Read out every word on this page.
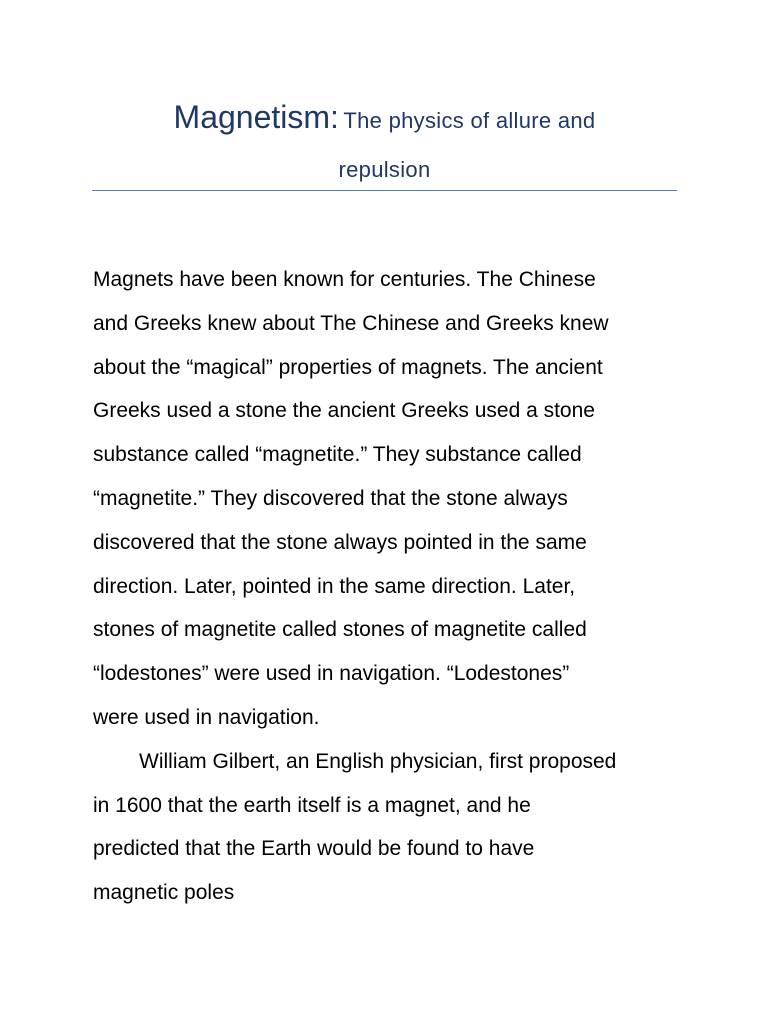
Magnetism: The physics of allure and
repulsion
Magnets have been known for centuries. The Chinese
and Greeks knew about The Chinese and Greeks knew
about the “magical” properties of magnets. The ancient
Greeks used a stone the ancient Greeks used a stone
substance called “magnetite.” They substance called
“magnetite.” They discovered that the stone always
discovered that the stone always pointed in the same
direction. Later, pointed in the same direction. Later,
stones of magnetite called stones of magnetite called
“lodestones” were used in navigation. “Lodestones”
were used in navigation.
William Gilbert, an English physician, first proposed
in 1600 that the earth itself is a magnet, and he
predicted that the Earth would be found to have
magnetic poles
